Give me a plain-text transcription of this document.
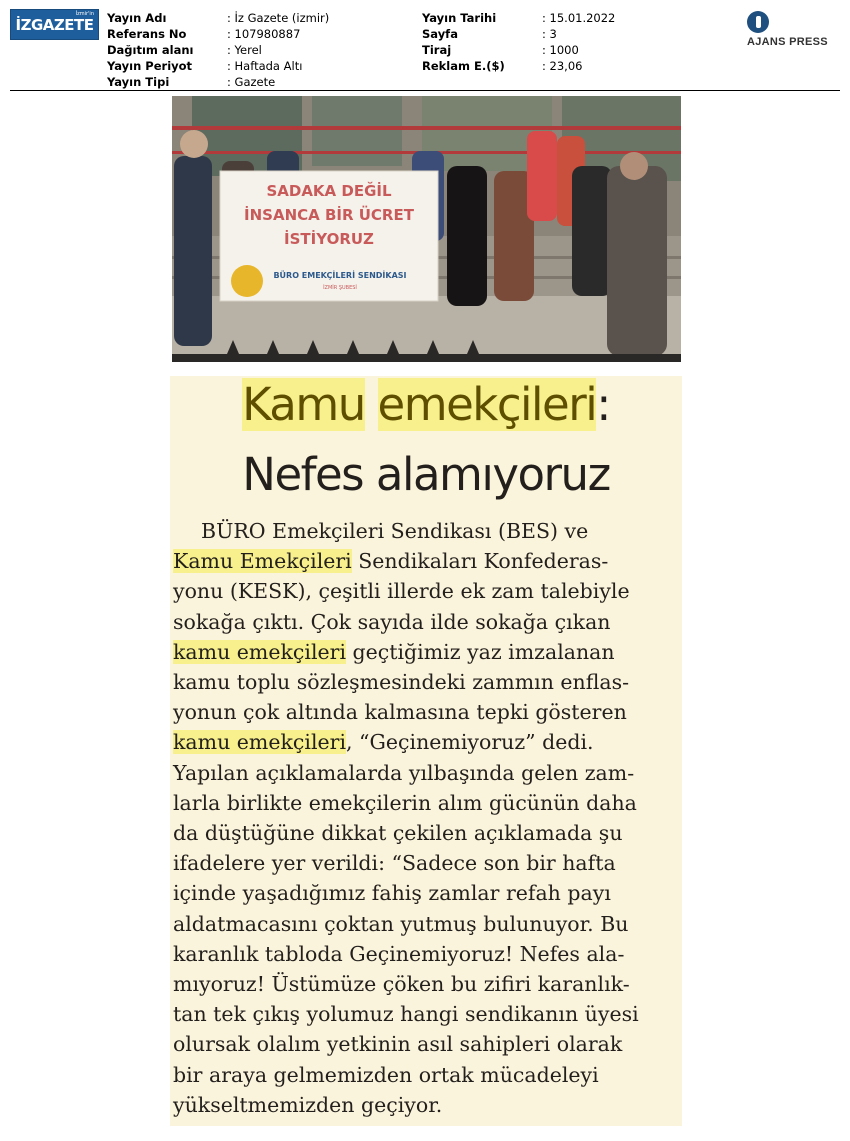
İzmir'in
İZGAZETE Yayın Adı	: İz Gazete (izmir)
Referans No	: 107980887
Dağıtım alanı	: Yerel
Yayın Periyot	: Haftada Altı
Yayın Tipi	: Gazete
Yayın Tarihi	: 15.01.2022
Sayfa	: 3
Tiraj	: 1000
Reklam E.($)	: 23,06
AJANS PRESS
SADAKA DEĞİL
İNSANCA BİR ÜCRET
İSTİYORUZ
BÜRO EMEKÇİLERİ SENDİKASI
İZMİR ŞUBESİ
Kamu emekçileri:
Nefes alamıyoruz
BÜRO Emekçileri Sendikası (BES) ve
Kamu Emekçileri Sendikaları Konfederas-
yonu (KESK), çeşitli illerde ek zam talebiyle
sokağa çıktı. Çok sayıda ilde sokağa çıkan
kamu emekçileri geçtiğimiz yaz imzalanan
kamu toplu sözleşmesindeki zammın enflas-
yonun çok altında kalmasına tepki gösteren
kamu emekçileri, “Geçinemiyoruz” dedi.
Yapılan açıklamalarda yılbaşında gelen zam-
larla birlikte emekçilerin alım gücünün daha
da düştüğüne dikkat çekilen açıklamada şu
ifadelere yer verildi: “Sadece son bir hafta
içinde yaşadığımız fahiş zamlar refah payı
aldatmacasını çoktan yutmuş bulunuyor. Bu
karanlık tabloda Geçinemiyoruz! Nefes ala-
mıyoruz! Üstümüze çöken bu zifiri karanlık-
tan tek çıkış yolumuz hangi sendikanın üyesi
olursak olalım yetkinin asıl sahipleri olarak
bir araya gelmemizden ortak mücadeleyi
yükseltmemizden geçiyor.
